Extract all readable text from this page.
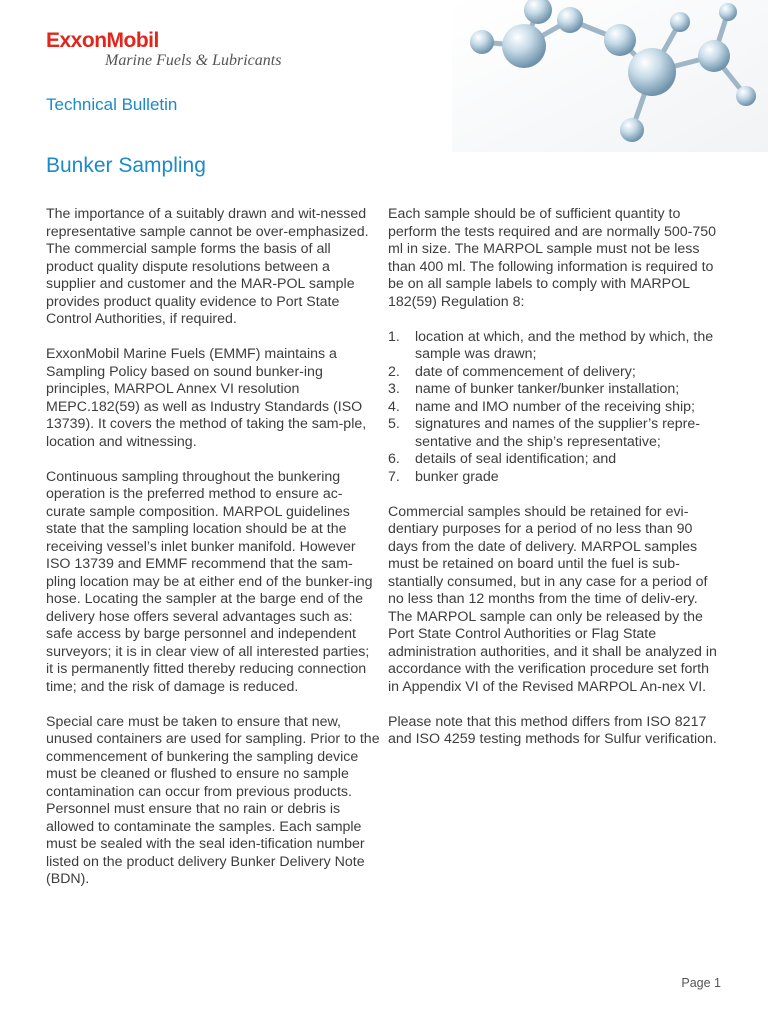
ExxonMobil
Marine Fuels & Lubricants
Technical Bulletin
Bunker Sampling

The importance of a suitably drawn and wit-nessed representative sample cannot be over-emphasized. The commercial sample forms the basis of all product quality dispute resolutions between a supplier and customer and the MAR-POL sample provides product quality evidence to Port State Control Authorities, if required.

ExxonMobil Marine Fuels (EMMF) maintains a Sampling Policy based on sound bunker-ing principles, MARPOL Annex VI resolution MEPC.182(59) as well as Industry Standards (ISO 13739). It covers the method of taking the sam-ple, location and witnessing.

Continuous sampling throughout the bunkering operation is the preferred method to ensure ac-curate sample composition. MARPOL guidelines state that the sampling location should be at the receiving vessel’s inlet bunker manifold. However ISO 13739 and EMMF recommend that the sam-pling location may be at either end of the bunker-ing hose. Locating the sampler at the barge end of the delivery hose offers several advantages such as: safe access by barge personnel and independent surveyors; it is in clear view of all interested parties; it is permanently fitted thereby reducing connection time; and the risk of damage is reduced.

Special care must be taken to ensure that new, unused containers are used for sampling. Prior to the commencement of bunkering the sampling device must be cleaned or flushed to ensure no sample contamination can occur from previous products. Personnel must ensure that no rain or debris is allowed to contaminate the samples. Each sample must be sealed with the seal iden-tification number listed on the product delivery Bunker Delivery Note (BDN).

Each sample should be of sufficient quantity to perform the tests required and are normally 500-750 ml in size. The MARPOL sample must not be less than 400 ml. The following information is required to be on all sample labels to comply with MARPOL 182(59) Regulation 8:

1. location at which, and the method by which, the sample was drawn;
2. date of commencement of delivery;
3. name of bunker tanker/bunker installation;
4. name and IMO number of the receiving ship;
5. signatures and names of the supplier’s repre-sentative and the ship’s representative;
6. details of seal identification; and
7. bunker grade

Commercial samples should be retained for evi-dentiary purposes for a period of no less than 90 days from the date of delivery. MARPOL samples must be retained on board until the fuel is sub-stantially consumed, but in any case for a period of no less than 12 months from the time of deliv-ery. The MARPOL sample can only be released by the Port State Control Authorities or Flag State administration authorities, and it shall be analyzed in accordance with the verification procedure set forth in Appendix VI of the Revised MARPOL An-nex VI.

Please note that this method differs from ISO 8217 and ISO 4259 testing methods for Sulfur verification.

Page 1
